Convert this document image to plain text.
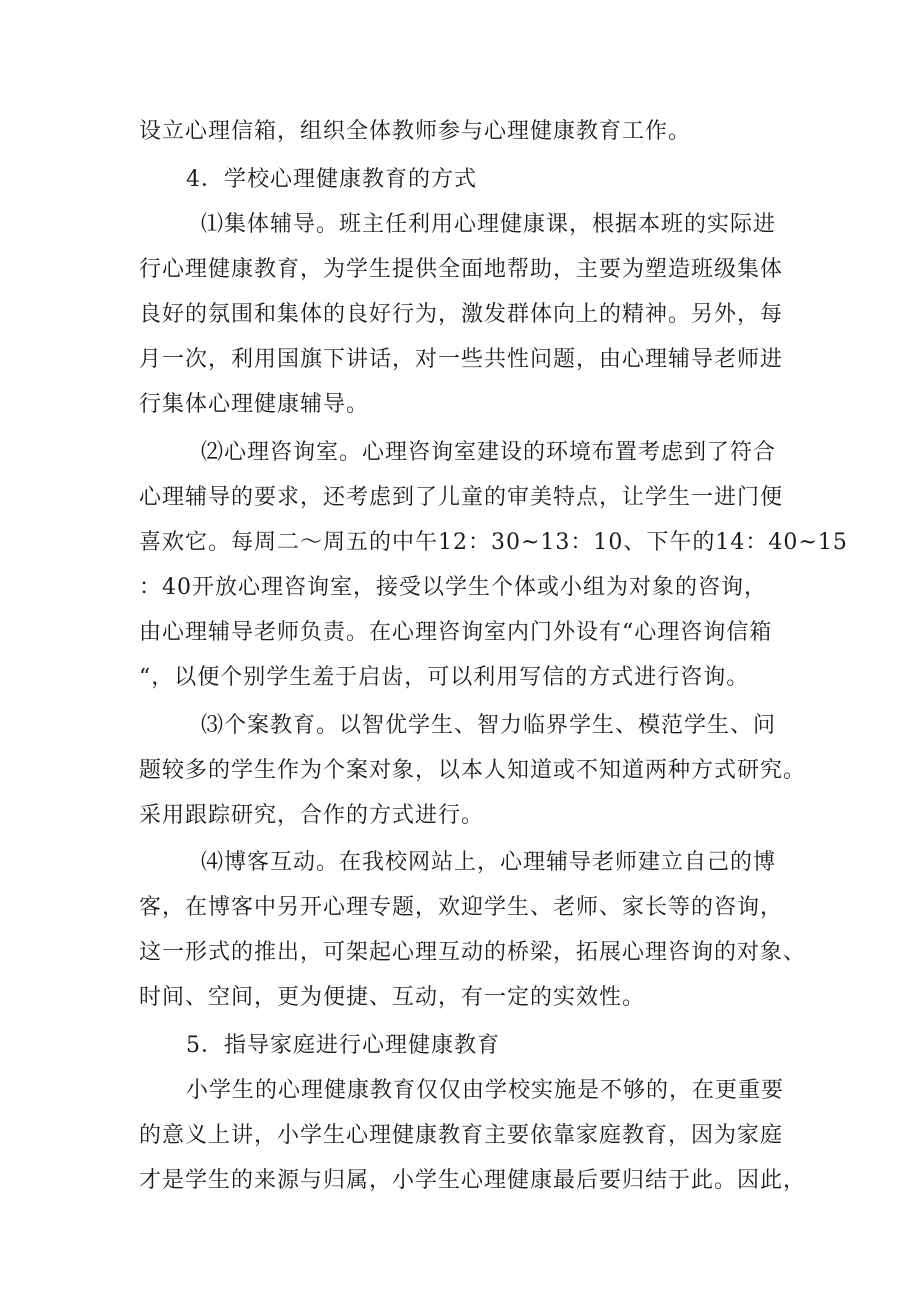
设立心理信箱，组织全体教师参与心理健康教育工作。
4．学校心理健康教育的方式
⑴集体辅导。班主任利用心理健康课，根据本班的实际进
行心理健康教育，为学生提供全面地帮助，主要为塑造班级集体
良好的氛围和集体的良好行为，激发群体向上的精神。另外，每
月一次，利用国旗下讲话，对一些共性问题，由心理辅导老师进
行集体心理健康辅导。
⑵心理咨询室。心理咨询室建设的环境布置考虑到了符合
心理辅导的要求，还考虑到了儿童的审美特点，让学生一进门便
喜欢它。每周二～周五的中午12：30~13：10、下午的14：40~15
：40开放心理咨询室，接受以学生个体或小组为对象的咨询，
由心理辅导老师负责。在心理咨询室内门外设有“心理咨询信箱
“，以便个别学生羞于启齿，可以利用写信的方式进行咨询。
⑶个案教育。以智优学生、智力临界学生、模范学生、问
题较多的学生作为个案对象，以本人知道或不知道两种方式研究。
采用跟踪研究，合作的方式进行。
⑷博客互动。在我校网站上，心理辅导老师建立自己的博
客，在博客中另开心理专题，欢迎学生、老师、家长等的咨询，
这一形式的推出，可架起心理互动的桥梁，拓展心理咨询的对象、
时间、空间，更为便捷、互动，有一定的实效性。
5．指导家庭进行心理健康教育
小学生的心理健康教育仅仅由学校实施是不够的，在更重要
的意义上讲，小学生心理健康教育主要依靠家庭教育，因为家庭
才是学生的来源与归属，小学生心理健康最后要归结于此。因此，
